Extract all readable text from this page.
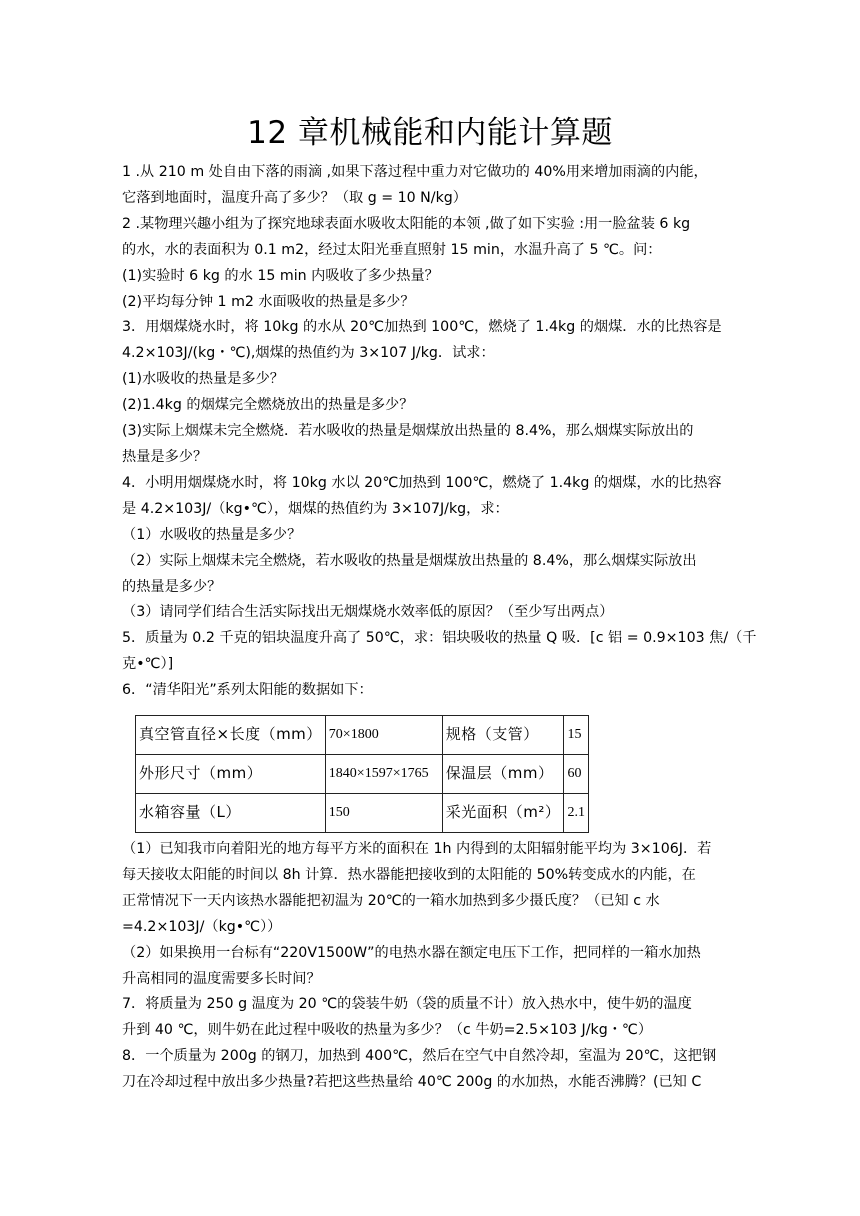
12 章机械能和内能计算题

1 .从 210 m 处自由下落的雨滴 ,如果下落过程中重力对它做功的 40%用来增加雨滴的内能，

它落到地面时，温度升高了多少？（取 g = 10 N/kg）

2 .某物理兴趣小组为了探究地球表面水吸收太阳能的本领 ,做了如下实验 :用一脸盆装 6 kg

的水，水的表面积为 0.1 m2，经过太阳光垂直照射 15 min，水温升高了 5 ℃。问：

(1)实验时 6 kg 的水 15 min 内吸收了多少热量？

(2)平均每分钟 1 m2 水面吸收的热量是多少？

3．用烟煤烧水时，将 10kg 的水从 20℃加热到 100℃，燃烧了 1.4kg 的烟煤．水的比热容是

4.2×103J/(kg・℃),烟煤的热值约为 3×107 J/kg．试求：

(1)水吸收的热量是多少？

(2)1.4kg 的烟煤完全燃烧放出的热量是多少？

(3)实际上烟煤未完全燃烧．若水吸收的热量是烟煤放出热量的 8.4%，那么烟煤实际放出的

热量是多少？

4．小明用烟煤烧水时，将 10kg 水以 20℃加热到 100℃，燃烧了 1.4kg 的烟煤，水的比热容

是 4.2×103J/（kg•℃），烟煤的热值约为 3×107J/kg，求：

（1）水吸收的热量是多少？

（2）实际上烟煤未完全燃烧，若水吸收的热量是烟煤放出热量的 8.4%，那么烟煤实际放出

的热量是多少？

（3）请同学们结合生活实际找出无烟煤烧水效率低的原因？（至少写出两点）

5．质量为 0.2 千克的铝块温度升高了 50℃，求：铝块吸收的热量 Q 吸．[c 铝 = 0.9×103 焦/（千

克•℃）]

6．“清华阳光”系列太阳能的数据如下：

真空管直径×长度（mm）	70×1800	规格（支管）	15
外形尺寸（mm）	1840×1597×1765	保温层（mm）	60
水箱容量（L）	150	采光面积（m²）	2.1

（1）已知我市向着阳光的地方每平方米的面积在 1h 内得到的太阳辐射能平均为 3×106J．若

每天接收太阳能的时间以 8h 计算．热水器能把接收到的太阳能的 50%转变成水的内能，在

正常情况下一天内该热水器能把初温为 20℃的一箱水加热到多少摄氏度？（已知 c 水

=4.2×103J/（kg•℃））

（2）如果换用一台标有“220V1500W”的电热水器在额定电压下工作，把同样的一箱水加热

升高相同的温度需要多长时间？

7．将质量为 250 g 温度为 20 ℃的袋装牛奶（袋的质量不计）放入热水中，使牛奶的温度

升到 40 ℃，则牛奶在此过程中吸收的热量为多少？（c 牛奶=2.5×103 J/kg・℃）

8．一个质量为 200g 的钢刀，加热到 400℃，然后在空气中自然冷却，室温为 20℃，这把钢

刀在冷却过程中放出多少热量?若把这些热量给 40℃ 200g 的水加热，水能否沸腾？(已知 C
